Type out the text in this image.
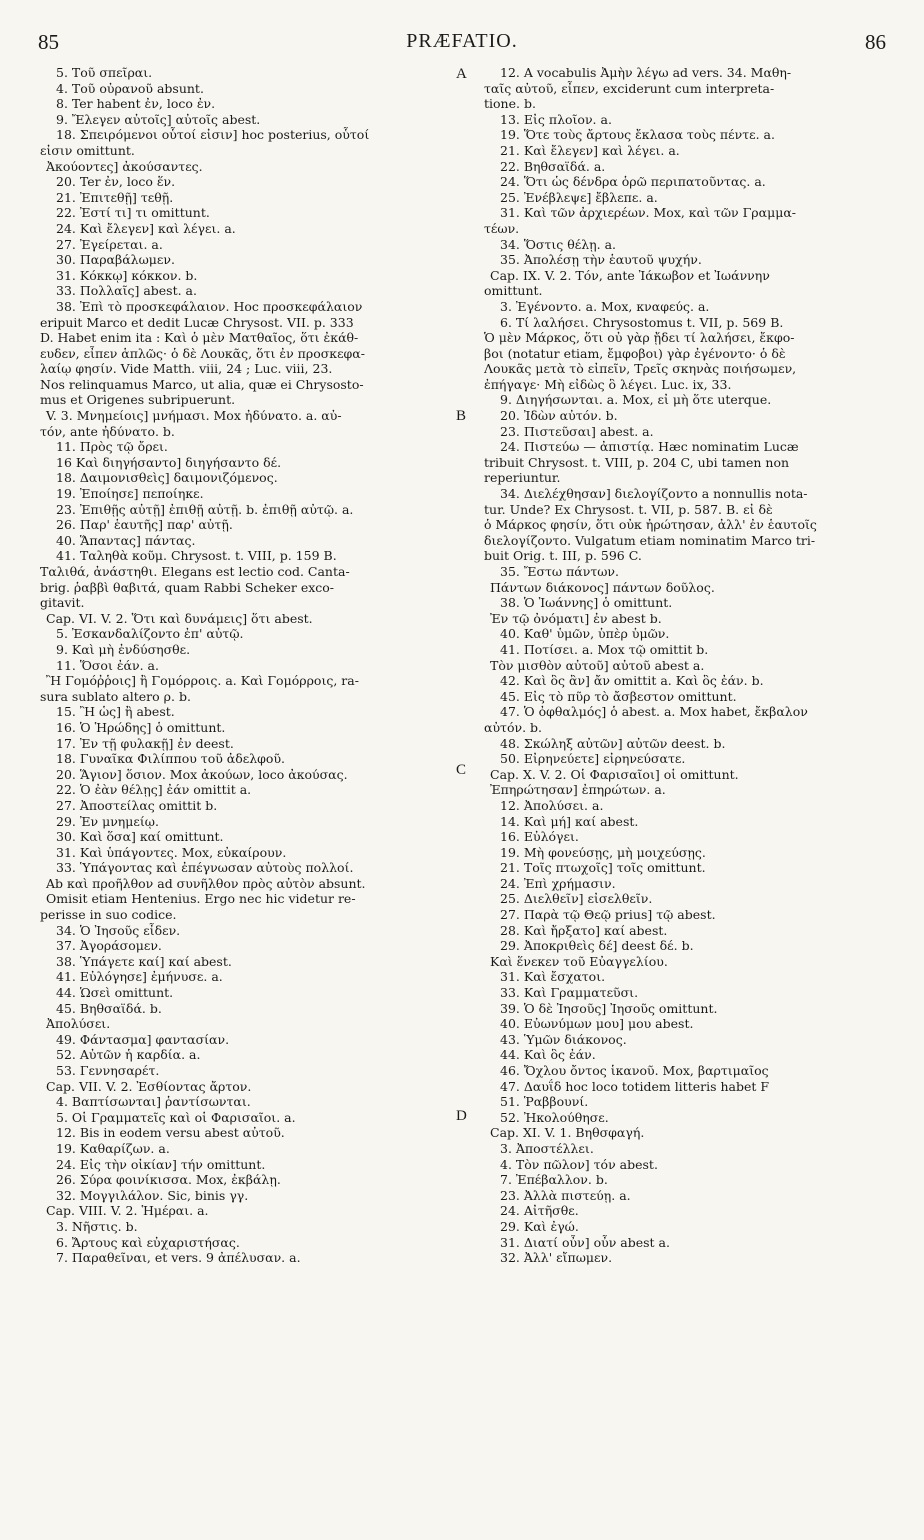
85	PRÆFATIO.	86
A
B
C
D
5. Τοῦ σπεῖραι.
4. Τοῦ οὐρανοῦ absunt.
8. Ter habent ἐν, loco ἐν.
9. Ἔλεγεν αὐτοῖς] αὐτοῖς abest.
18. Σπειρόμενοι οὗτοί εἰσιν] hoc posterius, οὗτοί
εἰσιν omittunt.
Ἀκούοντες] ἀκούσαντες.
20. Ter ἐν, loco ἕν.
21. Ἐπιτεθῇ] τεθῇ.
22. Ἐστί τι] τι omittunt.
24. Καὶ ἔλεγεν] καὶ λέγει. a.
27. Ἐγείρεται. a.
30. Παραβάλωμεν.
31. Κόκκῳ] κόκκον. b.
33. Πολλαῖς] abest. a.
38. Ἐπὶ τὸ προσκεφάλαιον. Hoc προσκεφάλαιον
eripuit Marco et dedit Lucæ Chrysost. VII. p. 333
D. Habet enim ita : Καὶ ὁ μὲν Ματθαῖος, ὅτι ἐκάθ-
ευδεν, εἶπεν ἁπλῶς· ὁ δὲ Λουκᾶς, ὅτι ἐν προσκεφα-
λαίῳ φησίν. Vide Matth. viii, 24 ; Luc. viii, 23.
Nos relinquamus Marco, ut alia, quæ ei Chrysosto-
mus et Origenes subripuerunt.
V. 3. Μνημείοις] μνήμασι. Mox ἠδύνατο. a. αὐ-
τόν, ante ἠδύνατο. b.
11. Πρὸς τῷ ὄρει.
16 Καὶ διηγήσαντο] διηγήσαντο δέ.
18. Δαιμονισθεὶς] δαιμονιζόμενος.
19. Ἐποίησε] πεποίηκε.
23. Ἐπιθῇς αὐτῇ] ἐπιθῇ αὐτῇ. b. ἐπιθῇ αὐτῷ. a.
26. Παρ' ἑαυτῆς] παρ' αὐτῇ.
40. Ἅπαντας] πάντας.
41. Ταληθὰ κοῦμ. Chrysost. t. VIII, p. 159 B.
Ταλιθά, ἀνάστηθι. Elegans est lectio cod. Canta-
brig. ῥαββὶ θαβιτά, quam Rabbi Scheker exco-
gitavit.
Cap. VI. V. 2. Ὅτι καὶ δυνάμεις] ὅτι abest.
5. Ἐσκανδαλίζοντο ἐπ' αὐτῷ.
9. Καὶ μὴ ἐνδύσησθε.
11. Ὅσοι ἐάν. a.
Ἢ Γομόῤῥοις] ἢ Γομόρροις. a. Καὶ Γομόρροις, ra-
sura sublato altero ρ. b.
15. Ἢ ὡς] ἢ abest.
16. Ὁ Ἡρώδης] ὁ omittunt.
17. Ἐν τῇ φυλακῇ] ἐν deest.
18. Γυναῖκα Φιλίππου τοῦ ἀδελφοῦ.
20. Ἅγιον] ὅσιον. Mox ἀκούων, loco ἀκούσας.
22. Ὁ ἐὰν θέλῃς] ἐάν omittit a.
27. Ἀποστείλας omittit b.
29. Ἐν μνημείῳ.
30. Καὶ ὅσα] καί omittunt.
31. Καὶ ὑπάγοντες. Mox, εὐκαίρουν.
33. Ὑπάγοντας καὶ ἐπέγνωσαν αὐτοὺς πολλοί.
Ab καὶ προῆλθον ad συνῆλθον πρὸς αὐτὸν absunt.
Omisit etiam Hentenius. Ergo nec hic videtur re-
perisse in suo codice.
34. Ὁ Ἰησοῦς εἶδεν.
37. Ἀγοράσομεν.
38. Ὑπάγετε καί] καί abest.
41. Εὐλόγησε] ἐμήνυσε. a.
44. Ὡσεὶ omittunt.
45. Βηθσαϊδά. b.
Ἀπολύσει.
49. Φάντασμα] φαντασίαν.
52. Αὐτῶν ἡ καρδία. a.
53. Γεννησαρέτ.
Cap. VII. V. 2. Ἐσθίοντας ἄρτον.
4. Βαπτίσωνται] ῥαντίσωνται.
5. Οἱ Γραμματεῖς καὶ οἱ Φαρισαῖοι. a.
12. Bis in eodem versu abest αὐτοῦ.
19. Καθαρίζων. a.
24. Εἰς τὴν οἰκίαν] τήν omittunt.
26. Σύρα φοινίκισσα. Mox, ἐκβάλῃ.
32. Μογγιλάλον. Sic, binis γγ.
Cap. VIII. V. 2. Ἡμέραι. a.
3. Νῆστις. b.
6. Ἄρτους καὶ εὐχαριστήσας.
7. Παραθεῖναι, et vers. 9 ἀπέλυσαν. a.
12. A vocabulis Ἀμὴν λέγω ad vers. 34. Μαθη-
ταῖς αὐτοῦ, εἶπεν, exciderunt cum interpreta-
tione. b.
13. Εἰς πλοῖον. a.
19. Ὅτε τοὺς ἄρτους ἔκλασα τοὺς πέντε. a.
21. Καὶ ἔλεγεν] καὶ λέγει. a.
22. Βηθσαϊδά. a.
24. Ὅτι ὡς δένδρα ὁρῶ περιπατοῦντας. a.
25. Ἐνέβλεψε] ἔβλεπε. a.
31. Καὶ τῶν ἀρχιερέων. Mox, καὶ τῶν Γραμμα-
τέων.
34. Ὅστις θέλῃ. a.
35. Ἀπολέσῃ τὴν ἑαυτοῦ ψυχήν.
Cap. IX. V. 2. Τόν, ante Ἰάκωβον et Ἰωάννην
omittunt.
3. Ἐγένοντο. a. Mox, κναφεύς. a.
6. Τί λαλήσει. Chrysostomus t. VII, p. 569 B.
Ὁ μὲν Μάρκος, ὅτι οὐ γὰρ ᾔδει τί λαλήσει, ἔκφο-
βοι (notatur etiam, ἔμφοβοι) γὰρ ἐγένοντο· ὁ δὲ
Λουκᾶς μετὰ τὸ εἰπεῖν, Τρεῖς σκηνὰς ποιήσωμεν,
ἐπήγαγε· Μὴ εἰδὼς ὃ λέγει. Luc. ix, 33.
9. Διηγήσωνται. a. Mox, εἰ μὴ ὅτε uterque.
20. Ἰδὼν αὐτόν. b.
23. Πιστεῦσαι] abest. a.
24. Πιστεύω — ἀπιστίᾳ. Hæc nominatim Lucæ
tribuit Chrysost. t. VIII, p. 204 C, ubi tamen non
reperiuntur.
34. Διελέχθησαν] διελογίζοντο a nonnullis nota-
tur. Unde? Ex Chrysost. t. VII, p. 587. B. εἰ δὲ
ὁ Μάρκος φησίν, ὅτι οὐκ ἠρώτησαν, ἀλλ' ἐν ἑαυτοῖς
διελογίζοντο. Vulgatum etiam nominatim Marco tri-
buit Orig. t. III, p. 596 C.
35. Ἔστω πάντων.
Πάντων διάκονος] πάντων δοῦλος.
38. Ὁ Ἰωάννης] ὁ omittunt.
Ἐν τῷ ὀνόματι] ἐν abest b.
40. Καθ' ὑμῶν, ὑπὲρ ὑμῶν.
41. Ποτίσει. a. Mox τῷ omittit b.
Τὸν μισθὸν αὐτοῦ] αὐτοῦ abest a.
42. Καὶ ὃς ἂν] ἄν omittit a. Καὶ ὃς ἐάν. b.
45. Εἰς τὸ πῦρ τὸ ἄσβεστον omittunt.
47. Ὁ ὀφθαλμός] ὁ abest. a. Mox habet, ἔκβαλον
αὐτόν. b.
48. Σκώληξ αὐτῶν] αὐτῶν deest. b.
50. Εἰρηνεύετε] εἰρηνεύσατε.
Cap. X. V. 2. Οἱ Φαρισαῖοι] οἱ omittunt.
Ἐπηρώτησαν] ἐπηρώτων. a.
12. Ἀπολύσει. a.
14. Καὶ μή] καί abest.
16. Εὐλόγει.
19. Μὴ φονεύσῃς, μὴ μοιχεύσῃς.
21. Τοῖς πτωχοῖς] τοῖς omittunt.
24. Ἐπὶ χρήμασιν.
25. Διελθεῖν] εἰσελθεῖν.
27. Παρὰ τῷ Θεῷ prius] τῷ abest.
28. Καὶ ἤρξατο] καί abest.
29. Ἀποκριθεὶς δέ] deest δέ. b.
Καὶ ἕνεκεν τοῦ Εὐαγγελίου.
31. Καὶ ἔσχατοι.
33. Καὶ Γραμματεῦσι.
39. Ὁ δὲ Ἰησοῦς] Ἰησοῦς omittunt.
40. Εὐωνύμων μου] μου abest.
43. Ὑμῶν διάκονος.
44. Καὶ ὃς ἐάν.
46. Ὄχλου ὄντος ἱκανοῦ. Mox, βαρτιμαῖος
47. Δαυΐδ hoc loco totidem litteris habet F
51. Ῥαββουνί.
52. Ἠκολούθησε.
Cap. XI. V. 1. Βηθσφαγή.
3. Ἀποστέλλει.
4. Τὸν πῶλον] τόν abest.
7. Ἐπέβαλλον. b.
23. Ἀλλὰ πιστεύῃ. a.
24. Αἰτῆσθε.
29. Καὶ ἐγώ.
31. Διατί οὖν] οὖν abest a.
32. Ἀλλ' εἴπωμεν.
